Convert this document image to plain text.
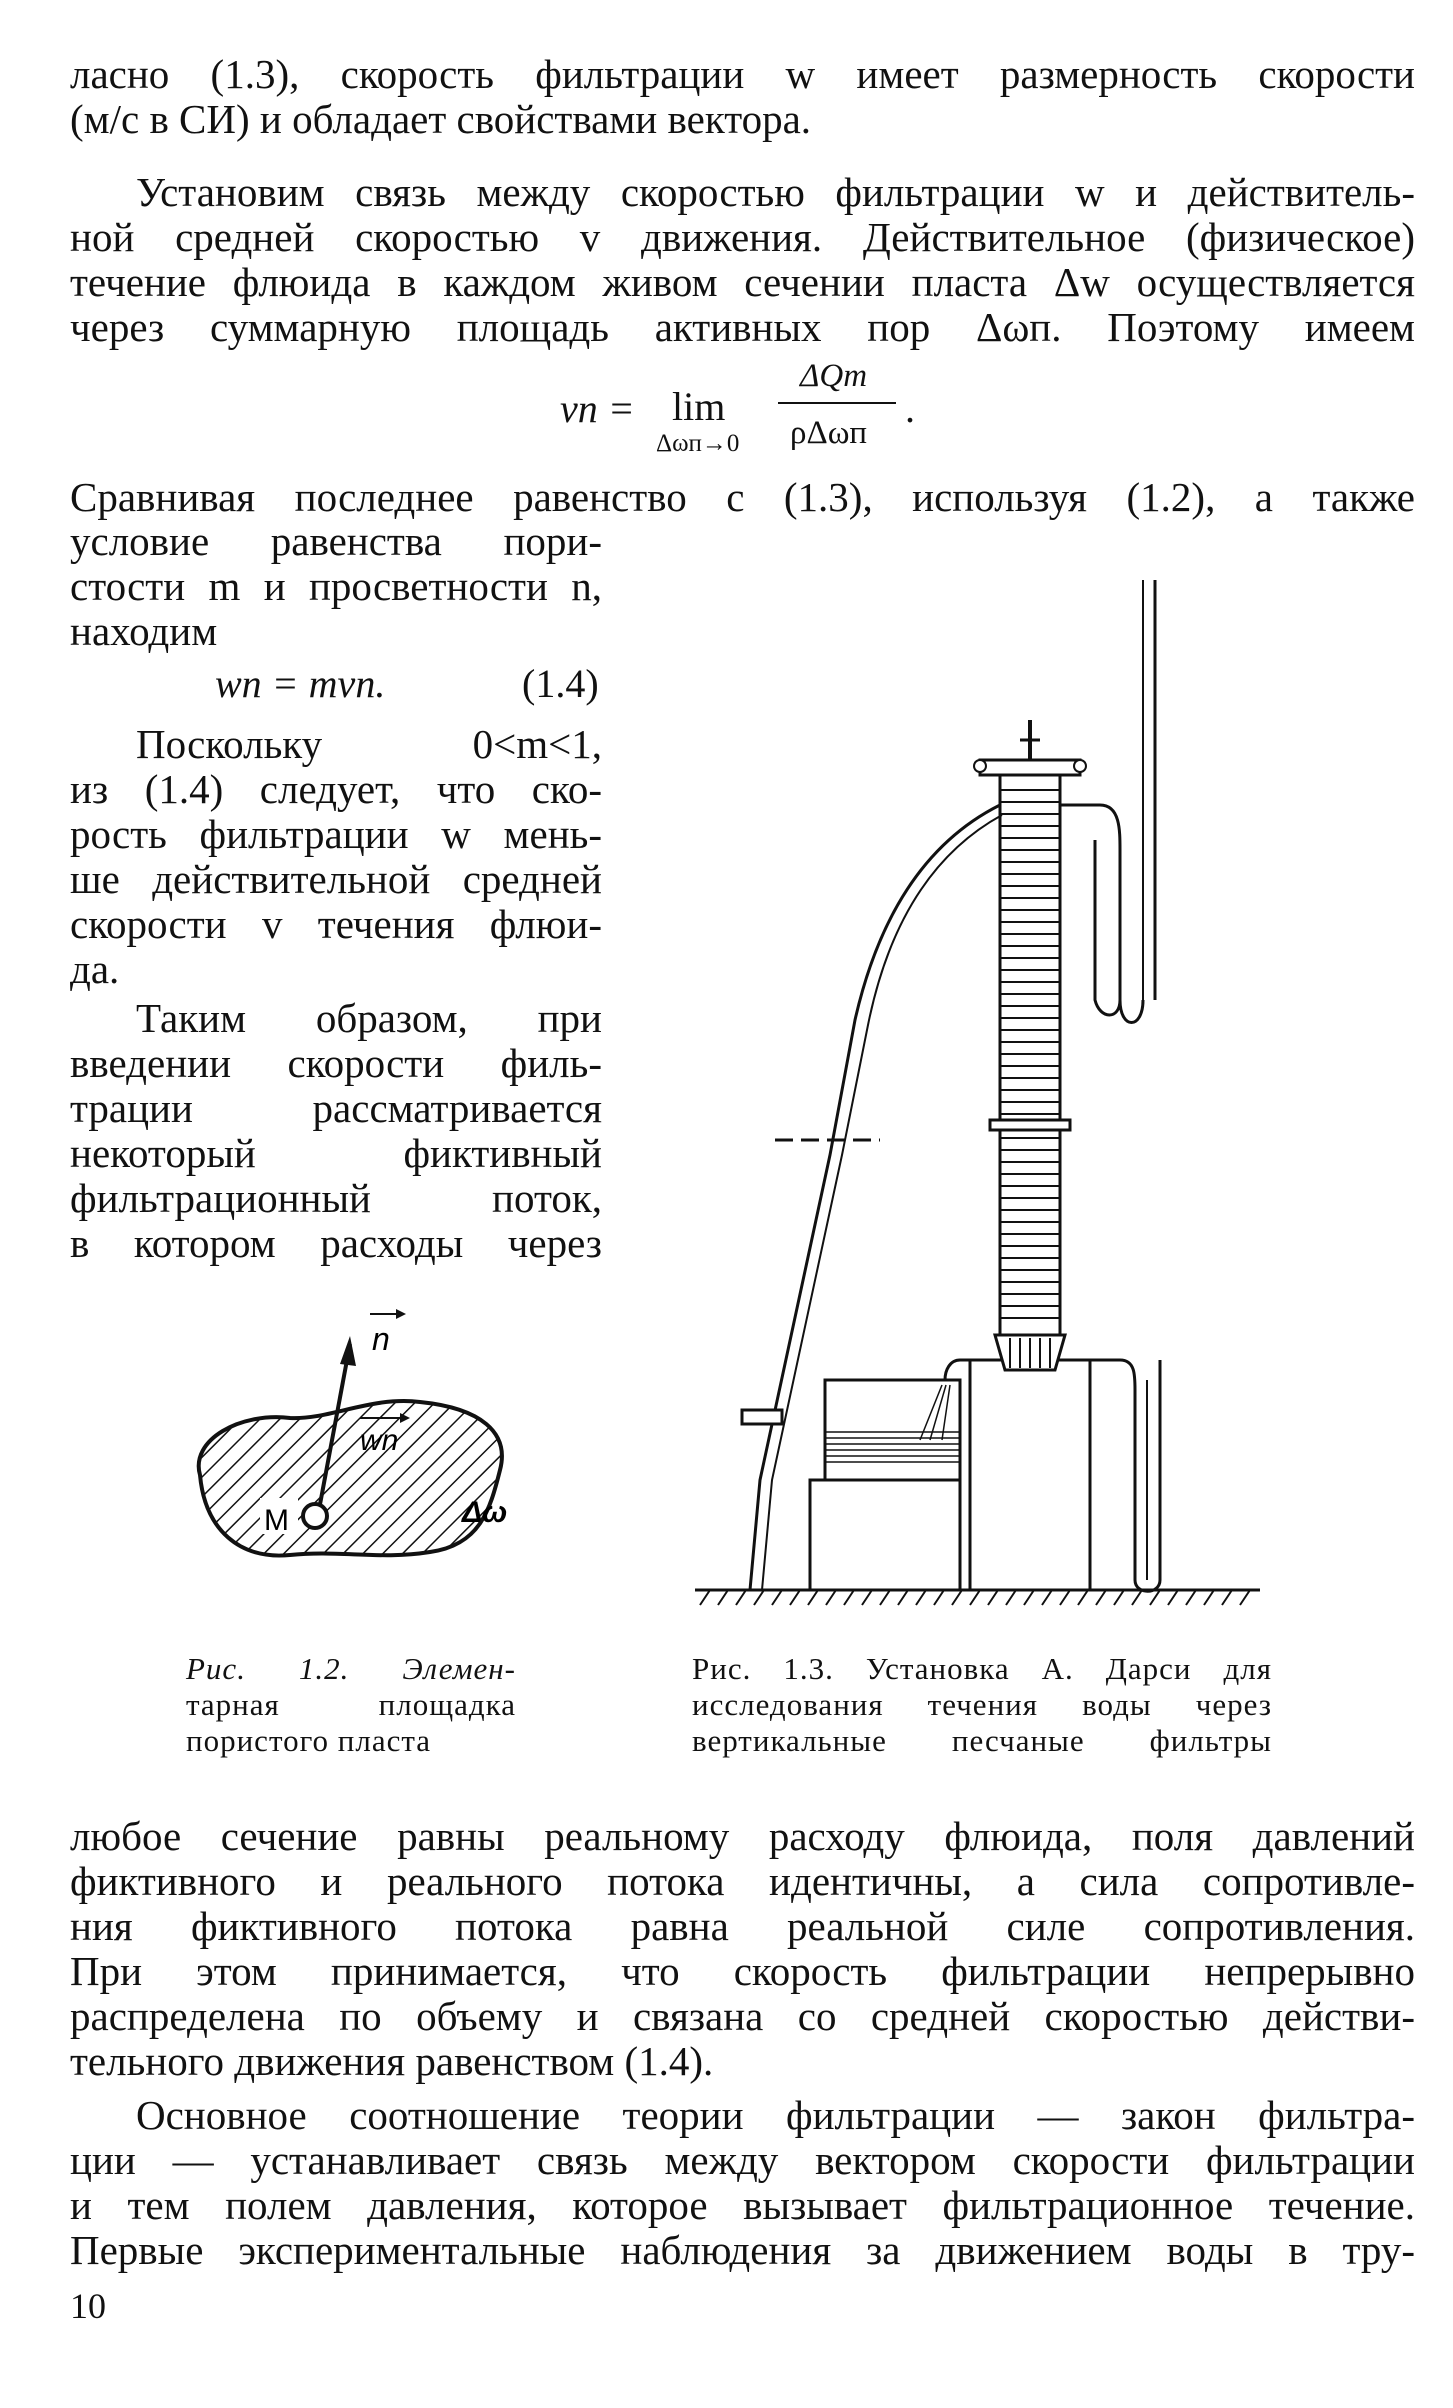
ласно (1.3), скорость фильтрации w имеет размерность скорости
(м/с в СИ) и обладает свойствами вектора.
Установим связь между скоростью фильтрации w и действитель-
ной средней скоростью v движения. Действительное (физическое)
течение флюида в каждом живом сечении пласта Δw осуществляется
через суммарную площадь активных пор Δωп. Поэтому имеем
vn = lim
Δωп→0
ΔQm
ρΔωп
.
Сравнивая последнее равенство с (1.3), используя (1.2), а также
условие равенства пори-
стости m и просветности n,
находим
wn = mvn.	(1.4)
Поскольку 0<m<1,
из (1.4) следует, что ско-
рость фильтрации w мень-
ше действительной средней
скорости v течения флюи-
да.
Таким образом, при
введении скорости филь-
трации рассматривается
некоторый фиктивный
фильтрационный поток,
в котором расходы через
M
n
wn
Δω
Рис. 1.2. Элемен-
тарная площадка
пористого пласта
Рис. 1.3. Установка А. Дарси для
исследования течения воды через
вертикальные песчаные фильтры
любое сечение равны реальному расходу флюида, поля давлений
фиктивного и реального потока идентичны, а сила сопротивле-
ния фиктивного потока равна реальной силе сопротивления.
При этом принимается, что скорость фильтрации непрерывно
распределена по объему и связана со средней скоростью действи-
тельного движения равенством (1.4).
Основное соотношение теории фильтрации — закон фильтра-
ции — устанавливает связь между вектором скорости фильтрации
и тем полем давления, которое вызывает фильтрационное течение.
Первые экспериментальные наблюдения за движением воды в тру-
10
